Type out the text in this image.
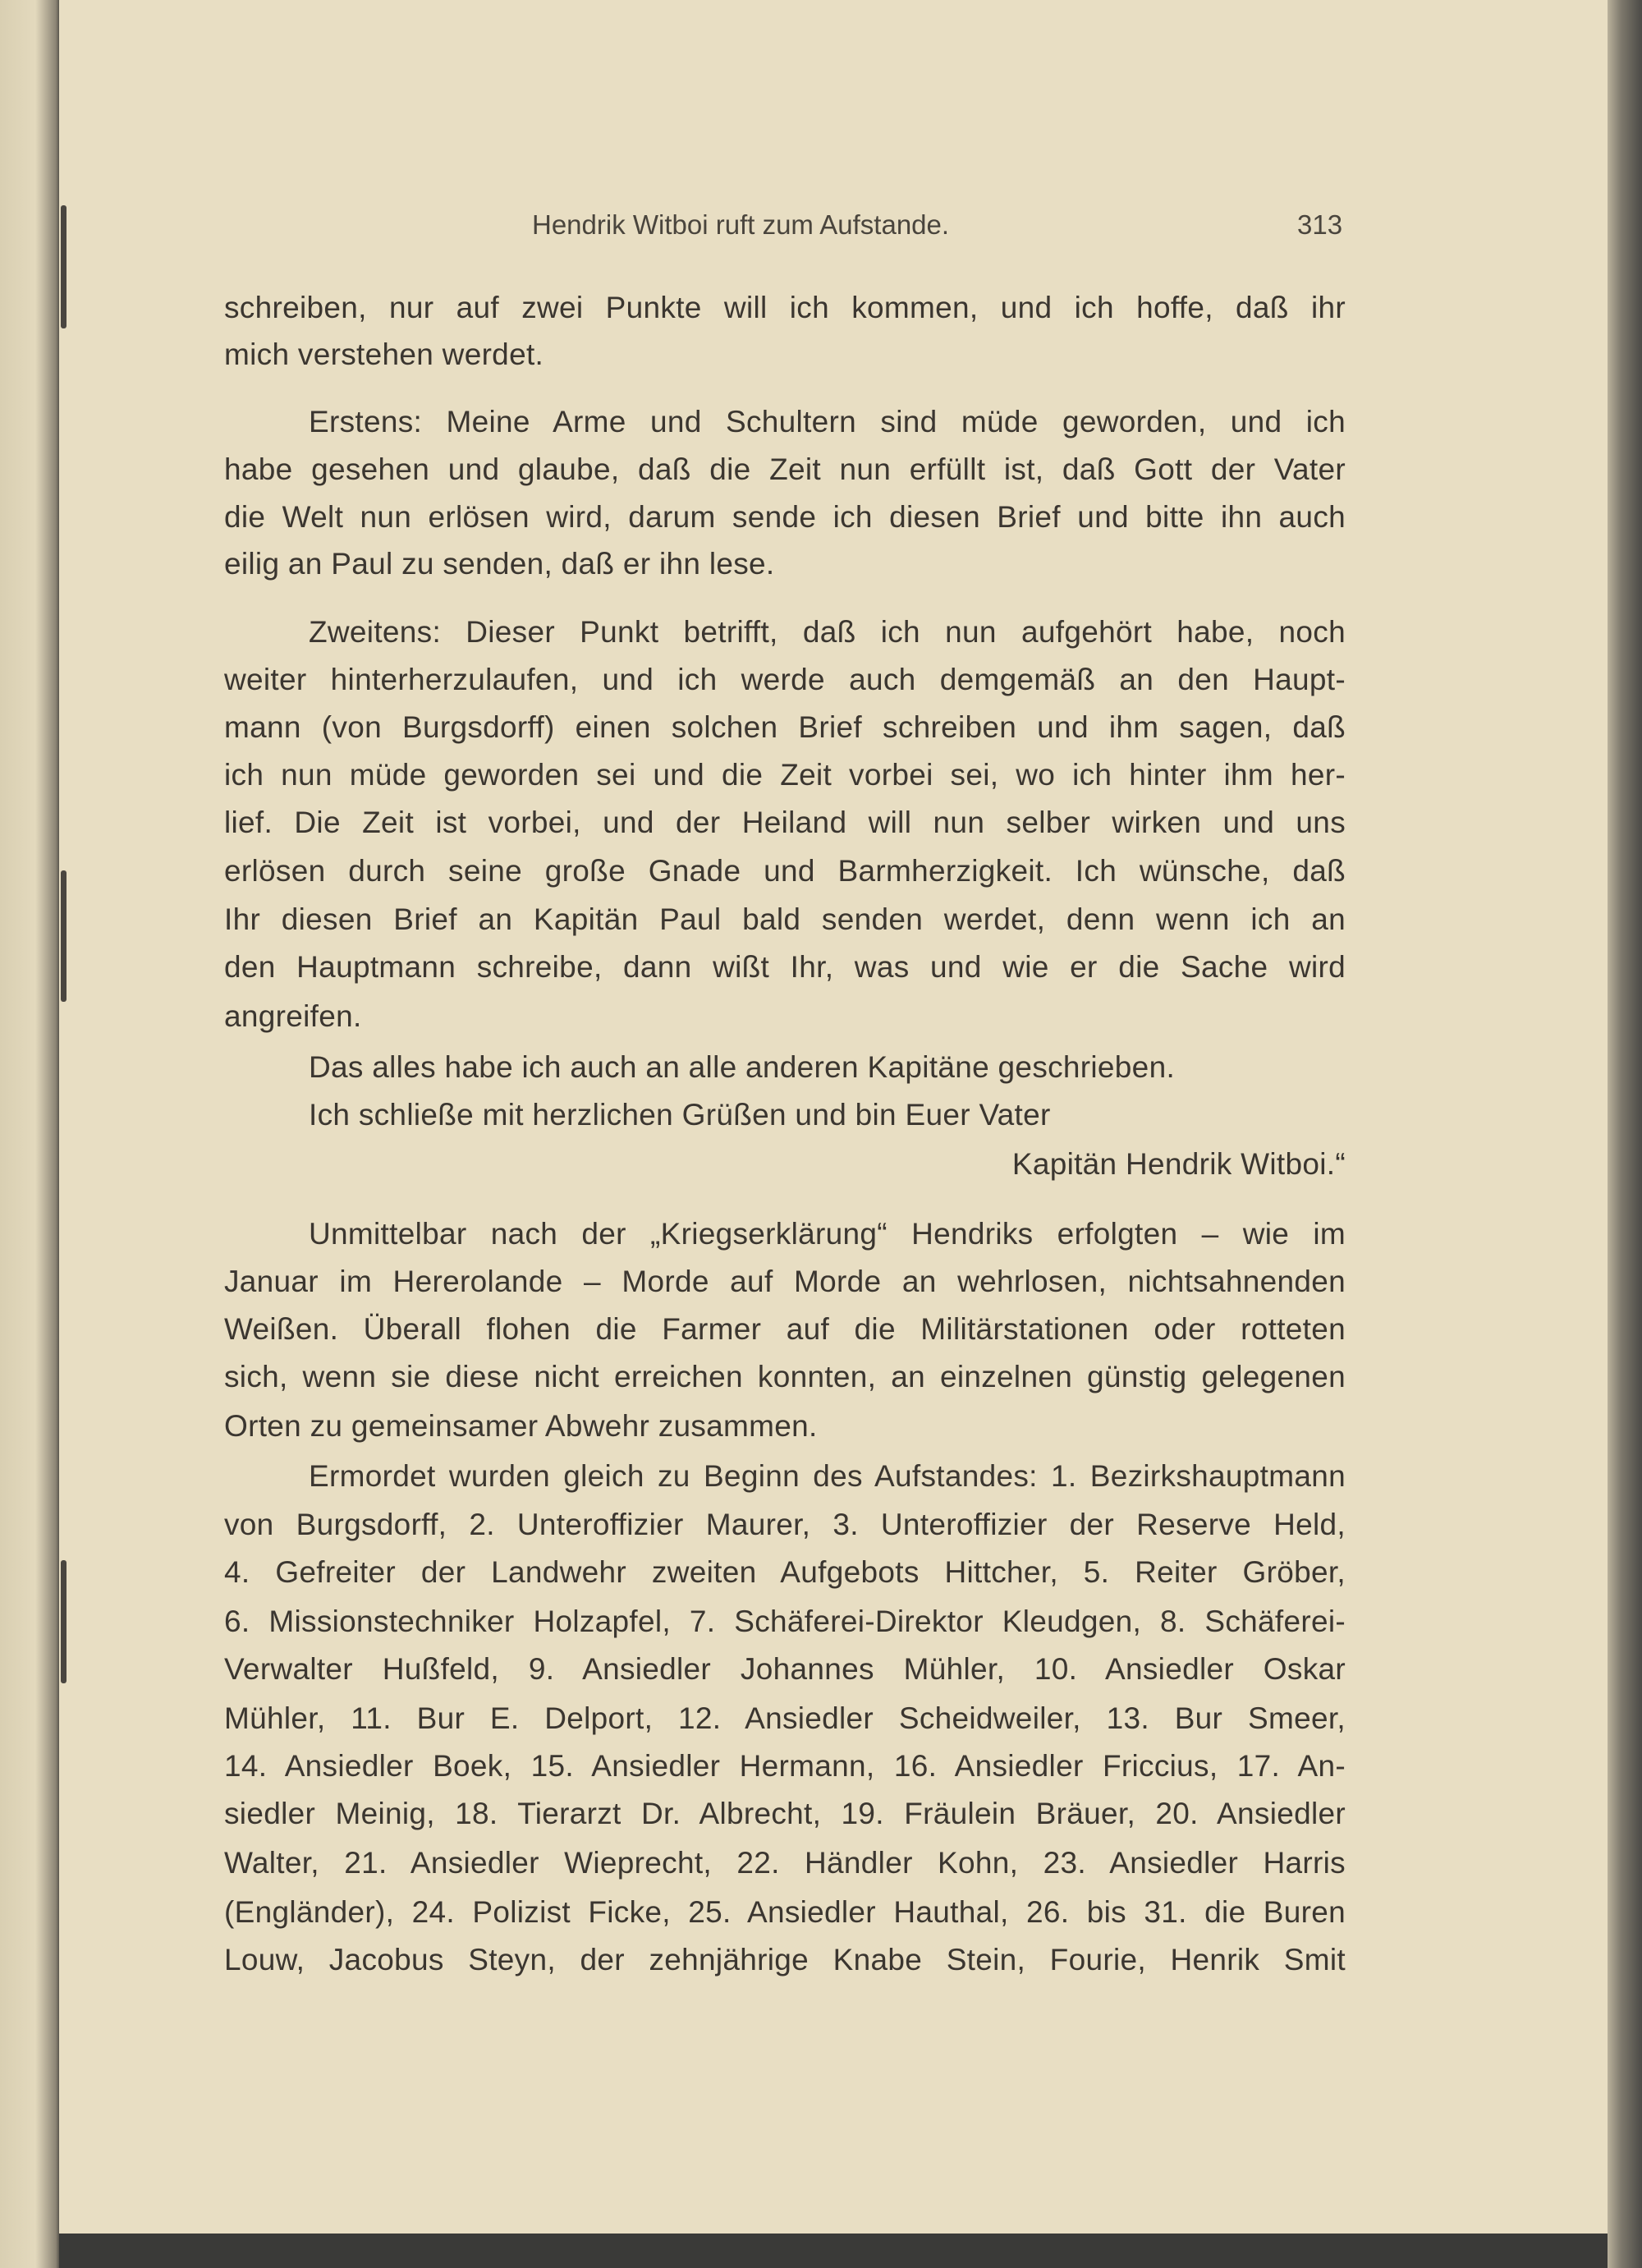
Hendrik Witboi ruft zum Aufstande.	313
schreiben, nur auf zwei Punkte will ich kommen, und ich hoffe, daß ihr
mich verstehen werdet.
Erstens: Meine Arme und Schultern sind müde geworden, und ich
habe gesehen und glaube, daß die Zeit nun erfüllt ist, daß Gott der Vater
die Welt nun erlösen wird, darum sende ich diesen Brief und bitte ihn auch
eilig an Paul zu senden, daß er ihn lese.
Zweitens: Dieser Punkt betrifft, daß ich nun aufgehört habe, noch
weiter hinterherzulaufen, und ich werde auch demgemäß an den Haupt-
mann (von Burgsdorff) einen solchen Brief schreiben und ihm sagen, daß
ich nun müde geworden sei und die Zeit vorbei sei, wo ich hinter ihm her-
lief. Die Zeit ist vorbei, und der Heiland will nun selber wirken und uns
erlösen durch seine große Gnade und Barmherzigkeit. Ich wünsche, daß
Ihr diesen Brief an Kapitän Paul bald senden werdet, denn wenn ich an
den Hauptmann schreibe, dann wißt Ihr, was und wie er die Sache wird
angreifen.
Das alles habe ich auch an alle anderen Kapitäne geschrieben.
Ich schließe mit herzlichen Grüßen und bin Euer Vater
Kapitän Hendrik Witboi.“
Unmittelbar nach der „Kriegserklärung“ Hendriks erfolgten – wie im
Januar im Hererolande – Morde auf Morde an wehrlosen, nichtsahnenden
Weißen. Überall flohen die Farmer auf die Militärstationen oder rotteten
sich, wenn sie diese nicht erreichen konnten, an einzelnen günstig gelegenen
Orten zu gemeinsamer Abwehr zusammen.
Ermordet wurden gleich zu Beginn des Aufstandes: 1. Bezirkshauptmann
von Burgsdorff, 2. Unteroffizier Maurer, 3. Unteroffizier der Reserve Held,
4. Gefreiter der Landwehr zweiten Aufgebots Hittcher, 5. Reiter Gröber,
6. Missionstechniker Holzapfel, 7. Schäferei-Direktor Kleudgen, 8. Schäferei-
Verwalter Hußfeld, 9. Ansiedler Johannes Mühler, 10. Ansiedler Oskar
Mühler, 11. Bur E. Delport, 12. Ansiedler Scheidweiler, 13. Bur Smeer,
14. Ansiedler Boek, 15. Ansiedler Hermann, 16. Ansiedler Friccius, 17. An-
siedler Meinig, 18. Tierarzt Dr. Albrecht, 19. Fräulein Bräuer, 20. Ansiedler
Walter, 21. Ansiedler Wieprecht, 22. Händler Kohn, 23. Ansiedler Harris
(Engländer), 24. Polizist Ficke, 25. Ansiedler Hauthal, 26. bis 31. die Buren
Louw, Jacobus Steyn, der zehnjährige Knabe Stein, Fourie, Henrik Smit
